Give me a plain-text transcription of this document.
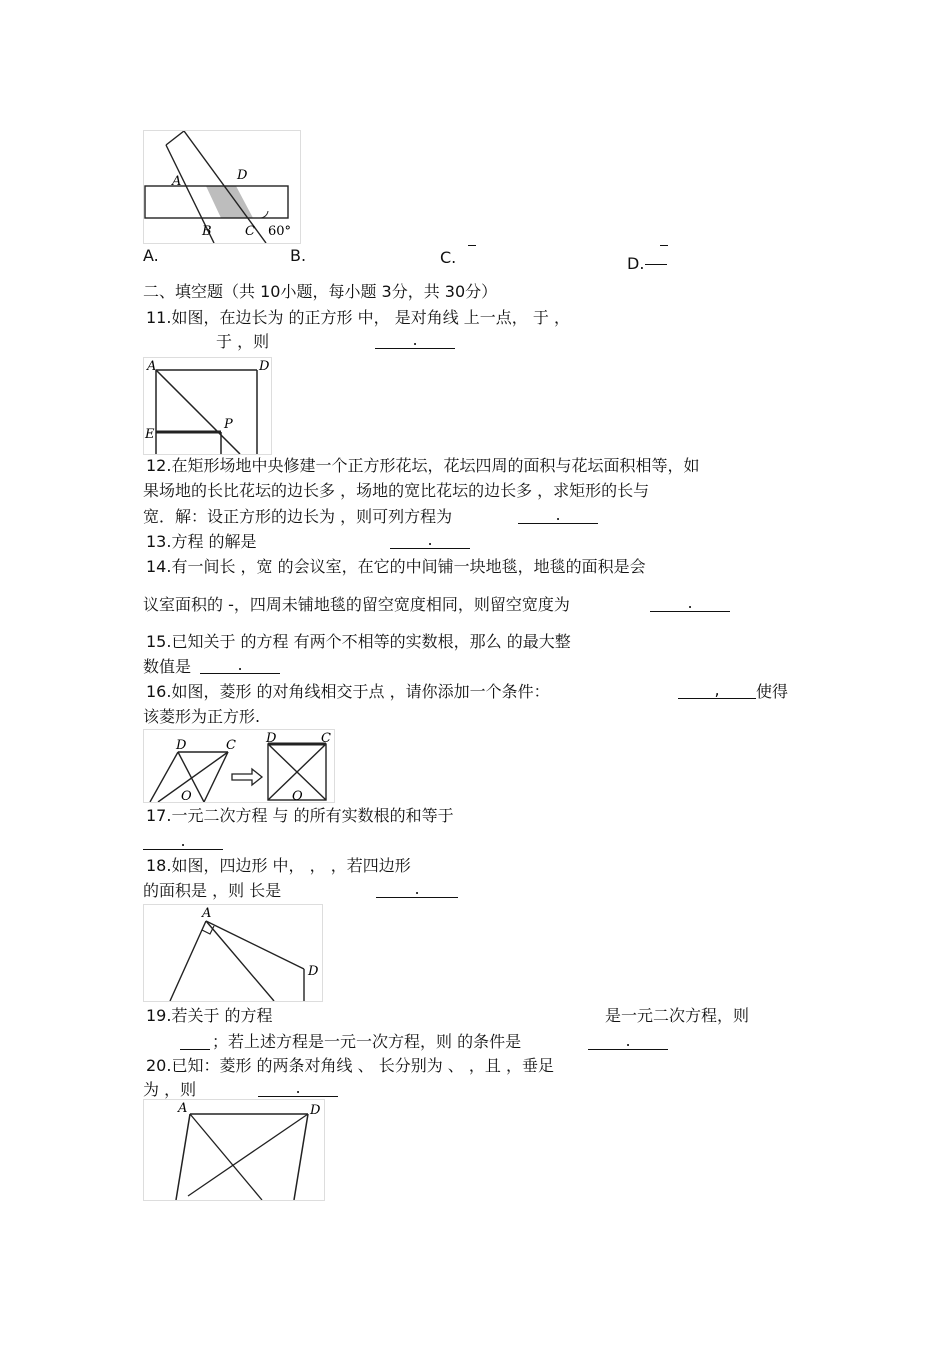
A	D
B	C 60°
A.	B.	C.	D.
二、填空题（共 10小题，每小题 3分，共 30分）
11.如图，在边长为 的正方形 中， 是对角线 上一点， 于 ，
于 ，则	.
A	D
E
P
12.在矩形场地中央修建一个正方形花坛，花坛四周的面积与花坛面积相等，如
果场地的长比花坛的边长多 ，场地的宽比花坛的边长多 ，求矩形的长与
宽．解：设正方形的边长为 ，则可列方程为	.
13.方程 的解是	.
14.有一间长 ，宽 的会议室，在它的中间铺一块地毯，地毯的面积是会
议室面积的 -，四周未铺地毯的留空宽度相同，则留空宽度为	.
15.已知关于 的方程 有两个不相等的实数根，那么 的最大整
数值是	.
16.如图，菱形 的对角线相交于点 ，请你添加一个条件：	,	使得
该菱形为正方形.
D	C
O
D	C
O
17.一元二次方程 与 的所有实数根的和等于
.
18.如图，四边形 中， ， ，若四边形
的面积是 ，则 长是	.
A
D
19.若关于 的方程	是一元二次方程，则
；若上述方程是一元一次方程，则 的条件是	.
20.已知：菱形 的两条对角线 、 长分别为 、 ，且 ，垂足
为 ，则	.
A	D
